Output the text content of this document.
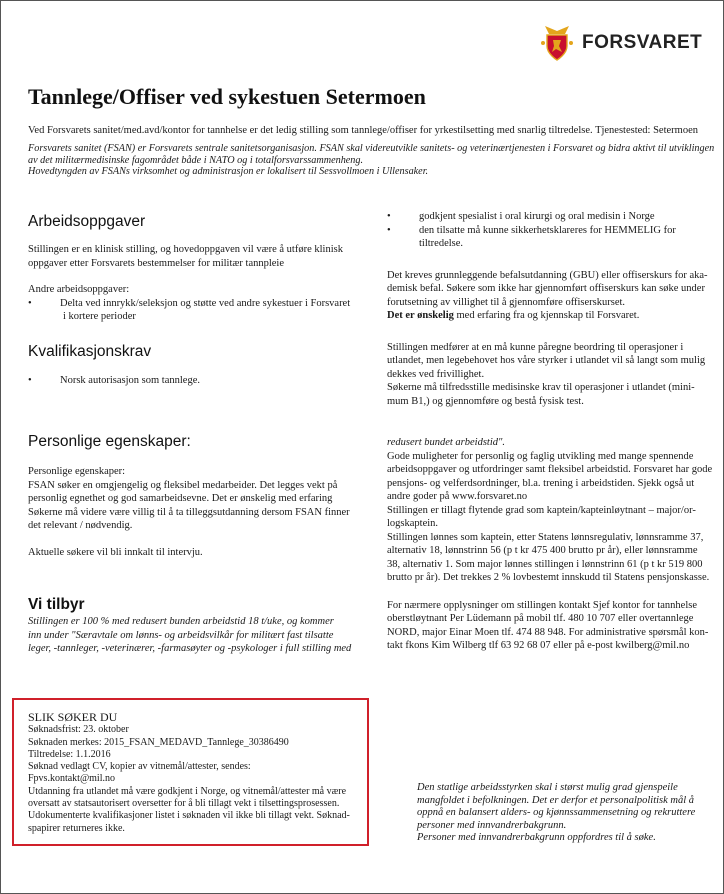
FORSVARET
Tannlege/Offiser ved sykestuen Setermoen

Ved Forsvarets sanitet/med.avd/kontor for tannhelse er det ledig stilling som tannlege/offiser for yrkestilsetting med snarlig tiltredelse. Tjenestested: Setermoen

Forsvarets sanitet (FSAN) er Forsvarets sentrale sanitetsorganisasjon. FSAN skal videreutvikle sanitets- og veterinærtjenesten i Forsvaret og bidra aktivt til utviklingen
av det militærmedisinske fagområdet både i NATO og i totalforsvarssammenheng.
Hovedtyngden av FSANs virksomhet og administrasjon er lokalisert til Sessvollmoen i Ullensaker.
Arbeidsoppgaver
Stillingen er en klinisk stilling, og hovedoppgaven vil være å utføre klinisk
oppgaver etter Forsvarets bestemmelser for militær tannpleie
Andre arbeidsoppgaver:
•	Delta ved innrykk/seleksjon og støtte ved andre sykestuer i Forsvaret
i kortere perioder
Kvalifikasjonskrav
•	Norsk autorisasjon som tannlege.
•	godkjent spesialist i oral kirurgi og oral medisin i Norge
•	den tilsatte må kunne sikkerhetsklareres for HEMMELIG for
tiltredelse.
Det kreves grunnleggende befalsutdanning (GBU) eller offiserskurs for aka-
demisk befal. Søkere som ikke har gjennomført offiserskurs kan søke under
forutsetning av villighet til å gjennomføre offiserskurset.
Det er ønskelig med erfaring fra og kjennskap til Forsvaret.
Stillingen medfører at en må kunne påregne beordring til operasjoner i
utlandet, men legebehovet hos våre styrker i utlandet vil så langt som mulig
dekkes ved frivillighet.
Søkerne må tilfredsstille medisinske krav til operasjoner i utlandet (mini-
mum B1,) og gjennomføre og bestå fysisk test.
Personlige egenskaper:
Personlige egenskaper:
FSAN søker en omgjengelig og fleksibel medarbeider. Det legges vekt på
personlig egnethet og god samarbeidsevne. Det er ønskelig med erfaring
Søkerne må videre være villig til å ta tilleggsutdanning dersom FSAN finner
det relevant / nødvendig.
Aktuelle søkere vil bli innkalt til intervju.
Vi tilbyr
Stillingen er 100 % med redusert bunden arbeidstid 18 t/uke, og kommer
inn under "Særavtale om lønns- og arbeidsvilkår for militært fast tilsatte
leger, -tannleger, -veterinærer, -farmasøyter og -psykologer i full stilling med
redusert bundet arbeidstid".
Gode muligheter for personlig og faglig utvikling med mange spennende
arbeidsoppgaver og utfordringer samt fleksibel arbeidstid. Forsvaret har gode
pensjons- og velferdsordninger, bl.a. trening i arbeidstiden. Sjekk også ut
andre goder på www.forsvaret.no
Stillingen er tillagt flytende grad som kaptein/kapteinløytnant – major/or-
logskaptein.
Stillingen lønnes som kaptein, etter Statens lønnsregulativ, lønnsramme 37,
alternativ 18, lønnstrinn 56 (p t kr 475 400 brutto pr år), eller lønnsramme
38, alternativ 1. Som major lønnes stillingen i lønnstrinn 61 (p t kr 519 800
brutto pr år). Det trekkes 2 % lovbestemt innskudd til Statens pensjonskasse.
For nærmere opplysninger om stillingen kontakt Sjef kontor for tannhelse
oberstløytnant Per Lüdemann på mobil tlf. 480 10 707 eller overtannlege
NORD, major Einar Moen tlf. 474 88 948. For administrative spørsmål kon-
takt fkons Kim Wilberg tlf 63 92 68 07 eller på e-post kwilberg@mil.no
SLIK SØKER DU
Søknadsfrist: 23. oktober
Søknaden merkes: 2015_FSAN_MEDAVD_Tannlege_30386490
Tiltredelse: 1.1.2016
Søknad vedlagt CV, kopier av vitnemål/attester, sendes:
Fpvs.kontakt@mil.no
Utdanning fra utlandet må være godkjent i Norge, og vitnemål/attester må være
oversatt av statsautorisert oversetter for å bli tillagt vekt i tilsettingsprosessen.
Udokumenterte kvalifikasjoner listet i søknaden vil ikke bli tillagt vekt. Søknad-
spapirer returneres ikke.
Den statlige arbeidsstyrken skal i størst mulig grad gjenspeile
mangfoldet i befolkningen. Det er derfor et personalpolitisk mål å
oppnå en balansert alders- og kjønnssammensetning og rekruttere
personer med innvandrerbakgrunn.
Personer med innvandrerbakgrunn oppfordres til å søke.
